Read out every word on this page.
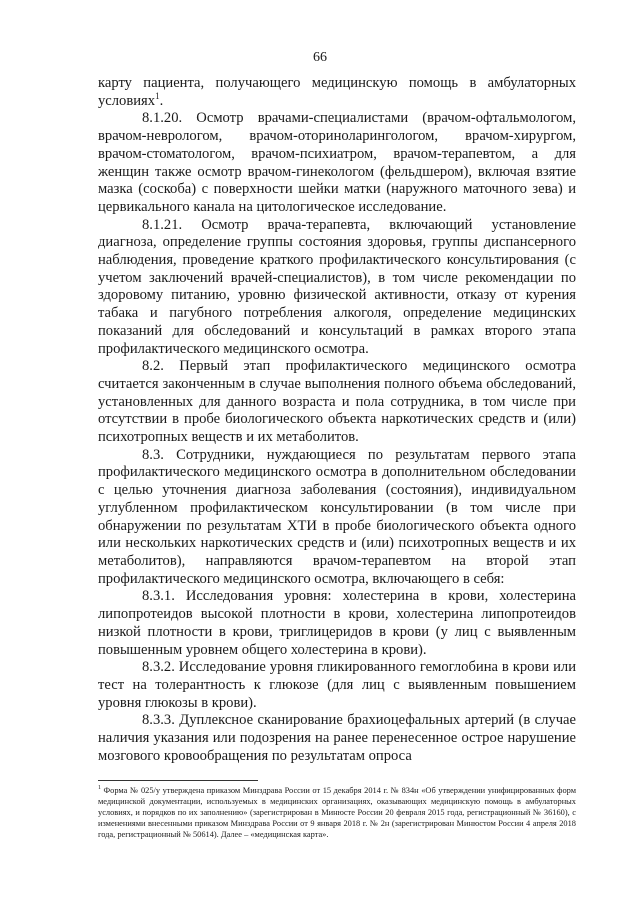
66

карту пациента, получающего медицинскую помощь в амбулаторных условиях$^1$.

8.1.20. Осмотр врачами-специалистами (врачом-офтальмологом, врачом-неврологом, врачом-оториноларингологом, врачом-хирургом, врачом-стоматологом, врачом-психиатром, врачом-терапевтом, а для женщин также осмотр врачом-гинекологом (фельдшером), включая взятие мазка (соскоба) с поверхности шейки матки (наружного маточного зева) и цервикального канала на цитологическое исследование.

8.1.21. Осмотр врача-терапевта, включающий установление диагноза, определение группы состояния здоровья, группы диспансерного наблюдения, проведение краткого профилактического консультирования (с учетом заключений врачей-специалистов), в том числе рекомендации по здоровому питанию, уровню физической активности, отказу от курения табака и пагубного потребления алкоголя, определение медицинских показаний для обследований и консультаций в рамках второго этапа профилактического медицинского осмотра.

8.2. Первый этап профилактического медицинского осмотра считается законченным в случае выполнения полного объема обследований, установленных для данного возраста и пола сотрудника, в том числе при отсутствии в пробе биологического объекта наркотических средств и (или) психотропных веществ и их метаболитов.

8.3. Сотрудники, нуждающиеся по результатам первого этапа профилактического медицинского осмотра в дополнительном обследовании с целью уточнения диагноза заболевания (состояния), индивидуальном углубленном профилактическом консультировании (в том числе при обнаружении по результатам ХТИ в пробе биологического объекта одного или нескольких наркотических средств и (или) психотропных веществ и их метаболитов), направляются врачом-терапевтом на второй этап профилактического медицинского осмотра, включающего в себя:

8.3.1. Исследования уровня: холестерина в крови, холестерина липопротеидов высокой плотности в крови, холестерина липопротеидов низкой плотности в крови, триглицеридов в крови (у лиц с выявленным повышенным уровнем общего холестерина в крови).

8.3.2. Исследование уровня гликированного гемоглобина в крови или тест на толерантность к глюкозе (для лиц с выявленным повышением уровня глюкозы в крови).

8.3.3. Дуплексное сканирование брахиоцефальных артерий (в случае наличия указания или подозрения на ранее перенесенное острое нарушение мозгового кровообращения по результатам опроса

$^1$ Форма № 025/у утверждена приказом Минздрава России от 15 декабря 2014 г. № 834н «Об утверждении унифицированных форм медицинской документации, используемых в медицинских организациях, оказывающих медицинскую помощь в амбулаторных условиях, и порядков по их заполнению» (зарегистрирован в Минюсте России 20 февраля 2015 года, регистрационный № 36160), с изменениями внесенными приказом Минздрава России от 9 января 2018 г. № 2н (зарегистрирован Минюстом России 4 апреля 2018 года, регистрационный № 50614). Далее – «медицинская карта».
